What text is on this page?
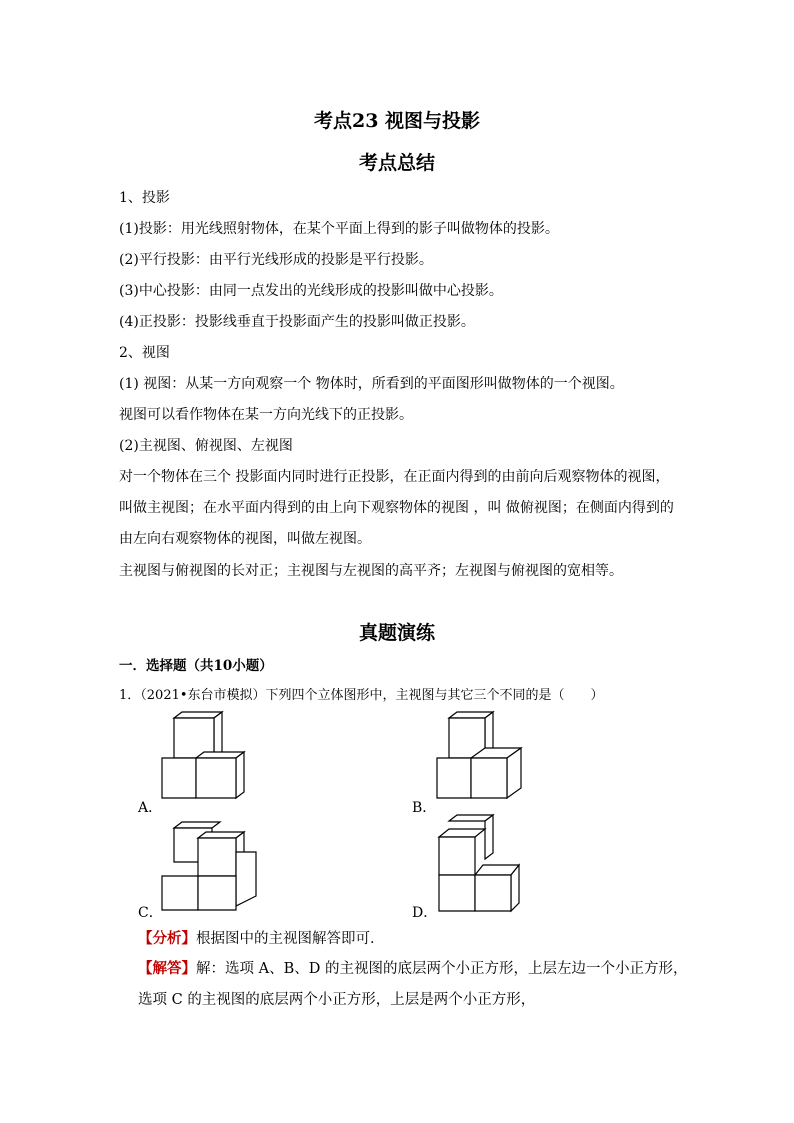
考点23 视图与投影
考点总结
1、投影
(1)投影：用光线照射物体，在某个平面上得到的影子叫做物体的投影。
(2)平行投影：由平行光线形成的投影是平行投影。
(3)中心投影：由同一点发出的光线形成的投影叫做中心投影。
(4)正投影：投影线垂直于投影面产生的投影叫做正投影。
2、视图
(1) 视图：从某一方向观察一个 物体时，所看到的平面图形叫做物体的一个视图。
视图可以看作物体在某一方向光线下的正投影。
(2)主视图、俯视图、左视图
对一个物体在三个 投影面内同时进行正投影，在正面内得到的由前向后观察物体的视图，
叫做主视图；在水平面内得到的由上向下观察物体的视图 ，叫 做俯视图；在侧面内得到的
由左向右观察物体的视图，叫做左视图。
主视图与俯视图的长对正；主视图与左视图的高平齐；左视图与俯视图的宽相等。
真题演练
一．选择题（共10小题）
1．（2021•东台市模拟）下列四个立体图形中，主视图与其它三个不同的是（　　）
A．	B．
C．	D．
【分析】根据图中的主视图解答即可．
【解答】解：选项 A、B、D 的主视图的底层两个小正方形，上层左边一个小正方形，
选项 C 的主视图的底层两个小正方形，上层是两个小正方形，
